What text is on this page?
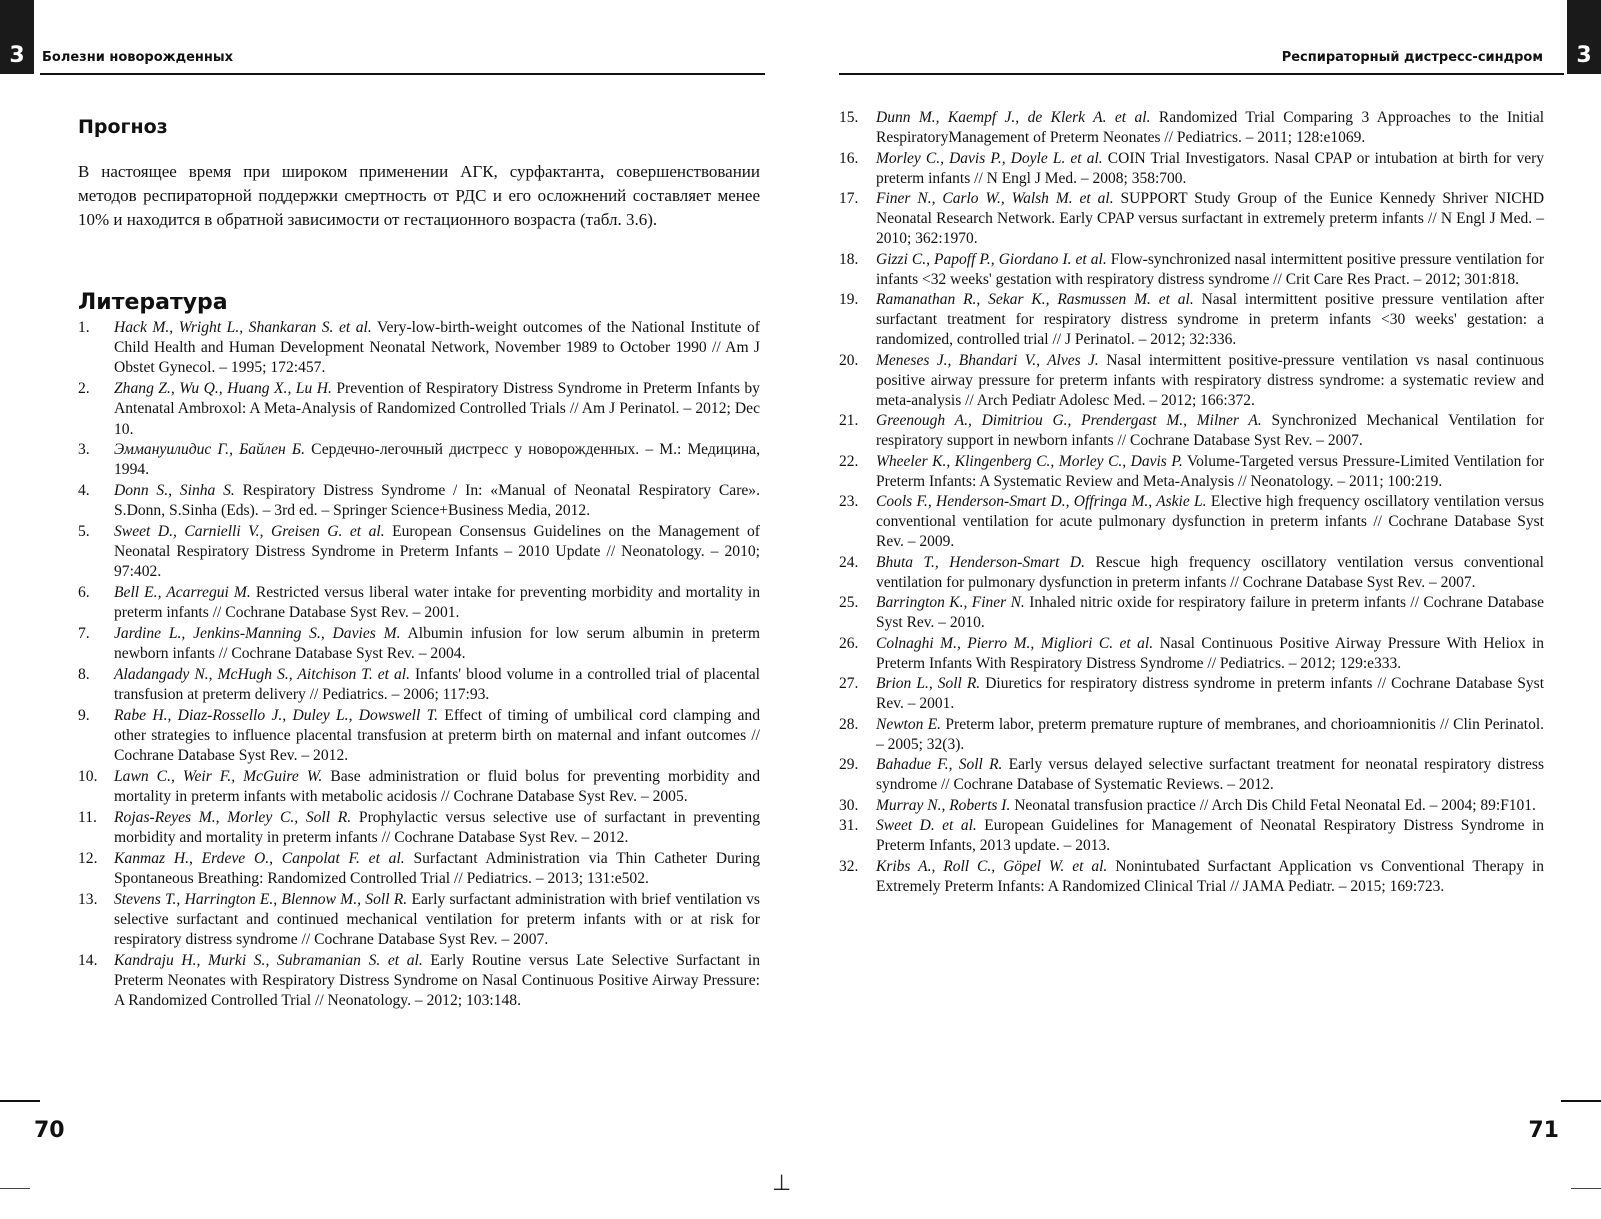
3	Болезни новорожденных
Прогноз

В настоящее время при широком применении АГК, сурфактанта, совершенствовании методов респираторной поддержки смертность от РДС и его осложнений составляет менее 10% и находится в обратной зависимости от гестационного возраста (табл. 3.6).

Литература
1.	Hack M., Wright L., Shankaran S. et al. Very-low-birth-weight outcomes of the National Institute of Child Health and Human Development Neonatal Network, November 1989 to October 1990 // Am J Obstet Gynecol. – 1995; 172:457.
2.	Zhang Z., Wu Q., Huang X., Lu H. Prevention of Respiratory Distress Syndrome in Preterm Infants by Antenatal Ambroxol: A Meta-Analysis of Randomized Controlled Trials // Am J Perinatol. – 2012; Dec 10.
3.	Эммануилидис Г., Байлен Б. Сердечно-легочный дистресс у новорожденных. – М.: Медицина, 1994.
4.	Donn S., Sinha S. Respiratory Distress Syndrome / In: «Manual of Neonatal Respiratory Care». S.Donn, S.Sinha (Eds). – 3rd ed. – Springer Science+Business Media, 2012.
5.	Sweet D., Carnielli V., Greisen G. et al. European Consensus Guidelines on the Management of Neonatal Respiratory Distress Syndrome in Preterm Infants – 2010 Update // Neonatology. – 2010; 97:402.
6.	Bell E., Acarregui M. Restricted versus liberal water intake for preventing morbidity and mortality in preterm infants // Cochrane Database Syst Rev. – 2001.
7.	Jardine L., Jenkins-Manning S., Davies M. Albumin infusion for low serum albumin in preterm newborn infants // Cochrane Database Syst Rev. – 2004.
8.	Aladangady N., McHugh S., Aitchison T. et al. Infants' blood volume in a controlled trial of placental transfusion at preterm delivery // Pediatrics. – 2006; 117:93.
9.	Rabe H., Diaz-Rossello J., Duley L., Dowswell T. Effect of timing of umbilical cord clamping and other strategies to influence placental transfusion at preterm birth on maternal and infant outcomes // Cochrane Database Syst Rev. – 2012.
10.	Lawn C., Weir F., McGuire W. Base administration or fluid bolus for preventing morbidity and mortality in preterm infants with metabolic acidosis // Cochrane Database Syst Rev. – 2005.
11.	Rojas-Reyes M., Morley C., Soll R. Prophylactic versus selective use of surfactant in preventing morbidity and mortality in preterm infants // Cochrane Database Syst Rev. – 2012.
12.	Kanmaz H., Erdeve O., Canpolat F. et al. Surfactant Administration via Thin Catheter During Spontaneous Breathing: Randomized Controlled Trial // Pediatrics. – 2013; 131:e502.
13.	Stevens T., Harrington E., Blennow M., Soll R. Early surfactant administration with brief ventilation vs selective surfactant and continued mechanical ventilation for preterm infants with or at risk for respiratory distress syndrome // Cochrane Database Syst Rev. – 2007.
14.	Kandraju H., Murki S., Subramanian S. et al. Early Routine versus Late Selective Surfactant in Preterm Neonates with Respiratory Distress Syndrome on Nasal Continuous Positive Airway Pressure: A Randomized Controlled Trial // Neonatology. – 2012; 103:148.
70
3
Респираторный дистресс-синдром
15.	Dunn M., Kaempf J., de Klerk A. et al. Randomized Trial Comparing 3 Approaches to the Initial RespiratoryManagement of Preterm Neonates // Pediatrics. – 2011; 128:e1069.
16.	Morley C., Davis P., Doyle L. et al. COIN Trial Investigators. Nasal CPAP or intubation at birth for very preterm infants // N Engl J Med. – 2008; 358:700.
17.	Finer N., Carlo W., Walsh M. et al. SUPPORT Study Group of the Eunice Kennedy Shriver NICHD Neonatal Research Network. Early CPAP versus surfactant in extremely preterm infants // N Engl J Med. – 2010; 362:1970.
18.	Gizzi C., Papoff P., Giordano I. et al. Flow-synchronized nasal intermittent positive pressure ventilation for infants <32 weeks' gestation with respiratory distress syndrome // Crit Care Res Pract. – 2012; 301:818.
19.	Ramanathan R., Sekar K., Rasmussen M. et al. Nasal intermittent positive pressure ventilation after surfactant treatment for respiratory distress syndrome in preterm infants <30 weeks' gestation: a randomized, controlled trial // J Perinatol. – 2012; 32:336.
20.	Meneses J., Bhandari V., Alves J. Nasal intermittent positive-pressure ventilation vs nasal continuous positive airway pressure for preterm infants with respiratory distress syndrome: a systematic review and meta-analysis // Arch Pediatr Adolesc Med. – 2012; 166:372.
21.	Greenough A., Dimitriou G., Prendergast M., Milner A. Synchronized Mechanical Ventilation for respiratory support in newborn infants // Cochrane Database Syst Rev. – 2007.
22.	Wheeler K., Klingenberg C., Morley C., Davis P. Volume-Targeted versus Pressure-Limited Ventilation for Preterm Infants: A Systematic Review and Meta-Analysis // Neonatology. – 2011; 100:219.
23.	Cools F., Henderson-Smart D., Offringa M., Askie L. Elective high frequency oscillatory ventilation versus conventional ventilation for acute pulmonary dysfunction in preterm infants // Cochrane Database Syst Rev. – 2009.
24.	Bhuta T., Henderson-Smart D. Rescue high frequency oscillatory ventilation versus conventional ventilation for pulmonary dysfunction in preterm infants // Cochrane Database Syst Rev. – 2007.
25.	Barrington K., Finer N. Inhaled nitric oxide for respiratory failure in preterm infants // Cochrane Database Syst Rev. – 2010.
26.	Colnaghi M., Pierro M., Migliori C. et al. Nasal Continuous Positive Airway Pressure With Heliox in Preterm Infants With Respiratory Distress Syndrome // Pediatrics. – 2012; 129:e333.
27.	Brion L., Soll R. Diuretics for respiratory distress syndrome in preterm infants // Cochrane Database Syst Rev. – 2001.
28.	Newton E. Preterm labor, preterm premature rupture of membranes, and chorioamnionitis // Clin Perinatol. – 2005; 32(3).
29.	Bahadue F., Soll R. Early versus delayed selective surfactant treatment for neonatal respiratory distress syndrome // Cochrane Database of Systematic Reviews. – 2012.
30.	Murray N., Roberts I. Neonatal transfusion practice // Arch Dis Child Fetal Neonatal Ed. – 2004; 89:F101.
31.	Sweet D. et al. European Guidelines for Management of Neonatal Respiratory Distress Syndrome in Preterm Infants, 2013 update. – 2013.
32.	Kribs A., Roll C., Göpel W. et al. Nonintubated Surfactant Application vs Conventional Therapy in Extremely Preterm Infants: A Randomized Clinical Trial // JAMA Pediatr. – 2015; 169:723.
71
⊥
